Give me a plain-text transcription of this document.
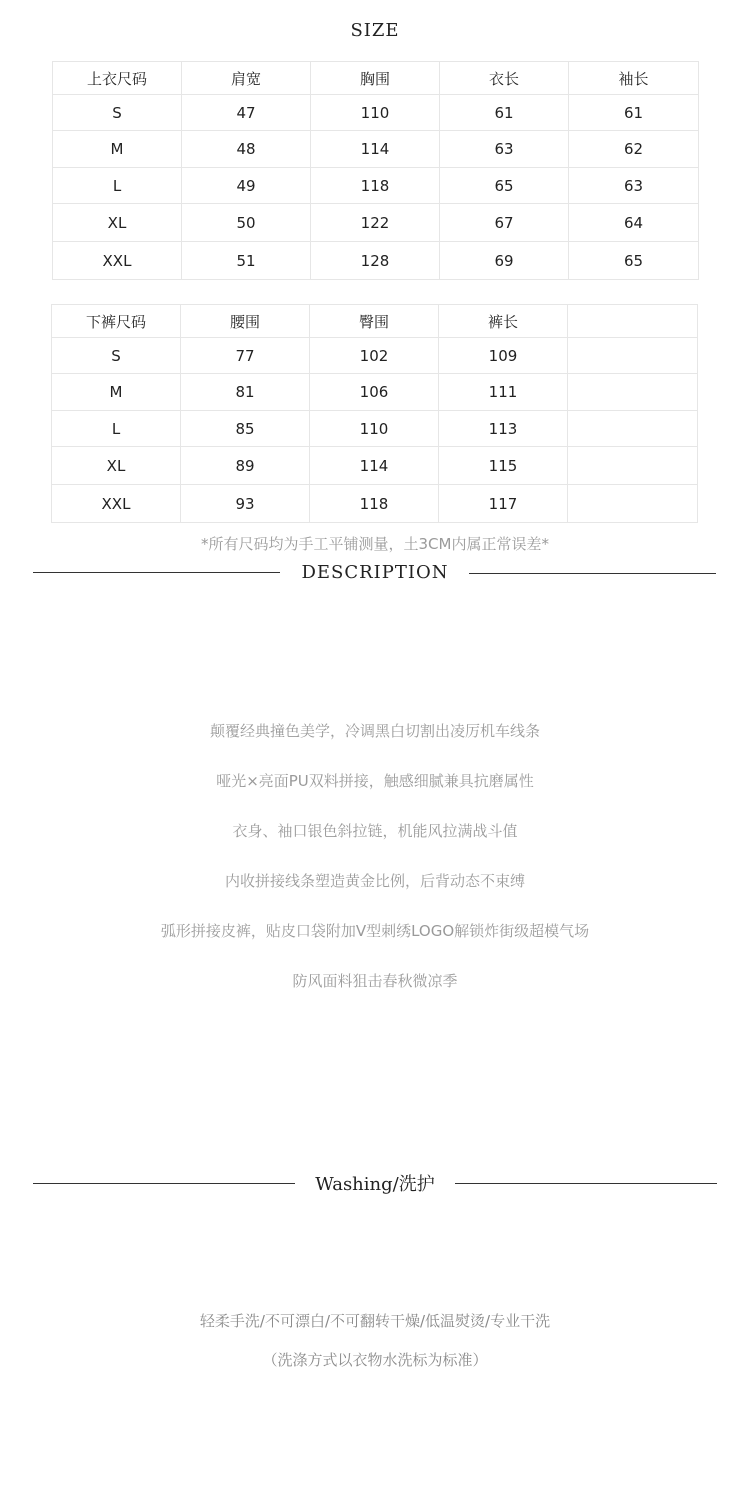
SIZE
上衣尺码	肩宽	胸围	衣长	袖长
S	47	110	61	61
M	48	114	63	62
L	49	118	65	63
XL	50	122	67	64
XXL	51	128	69	65
下裤尺码	腰围	臀围	裤长	
S	77	102	109	
M	81	106	111	
L	85	110	113	
XL	89	114	115	
XXL	93	118	117	
*所有尺码均为手工平铺测量，土3CM内属正常误差*
DESCRIPTION
颠覆经典撞色美学，冷调黑白切割出凌厉机车线条
哑光×亮面PU双料拼接，触感细腻兼具抗磨属性
衣身、袖口银色斜拉链，机能风拉满战斗值
内收拼接线条塑造黄金比例，后背动态不束缚
弧形拼接皮裤，贴皮口袋附加V型刺绣LOGO解锁炸街级超模气场
防风面料狙击春秋微凉季
Washing/洗护
轻柔手洗/不可漂白/不可翻转干燥/低温熨烫/专业干洗
（洗涤方式以衣物水洗标为标准）
